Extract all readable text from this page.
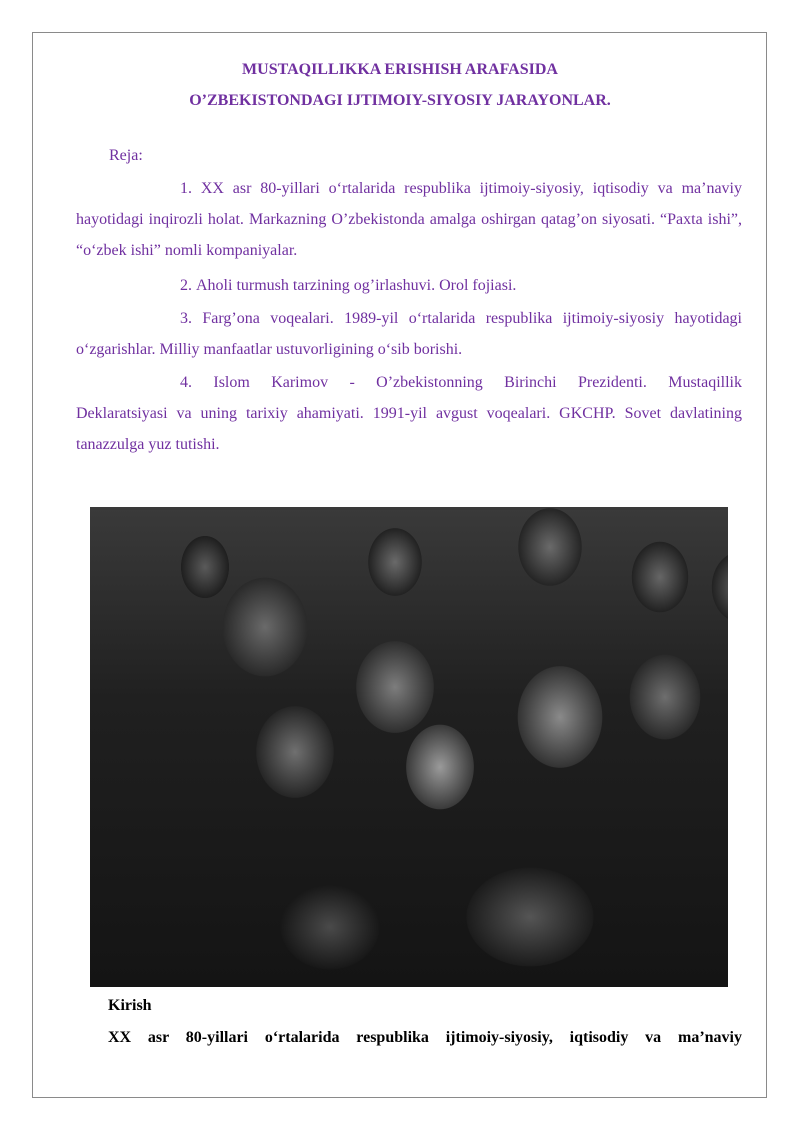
MUSTAQILLIKKA ERISHISH ARAFASIDA
O’ZBEKISTONDAGI IJTIMOIY-SIYOSIY JARAYONLAR.
Reja:
1. XX asr 80-yillari o‘rtalarida respublika ijtimoiy-siyosiy, iqtisodiy va ma’naviy hayotidagi inqirozli holat. Markazning O’zbekistonda amalga oshirgan qatag’on siyosati. “Paxta ishi”, “o‘zbek ishi” nomli kompaniyalar.
2. Aholi turmush tarzining og’irlashuvi. Orol fojiasi.
3. Farg’ona voqealari. 1989-yil o‘rtalarida respublika ijtimoiy-siyosiy hayotidagi o‘zgarishlar. Milliy manfaatlar ustuvorligining o‘sib borishi.
4. Islom Karimov - O’zbekistonning Birinchi Prezidenti. Mustaqillik
Deklaratsiyasi va uning tarixiy ahamiyati. 1991-yil avgust voqealari. GKCHP. Sovet davlatining tanazzulga yuz tutishi.
Kirish
XX asr 80-yillari o‘rtalarida respublika ijtimoiy-siyosiy, iqtisodiy va ma’naviy
